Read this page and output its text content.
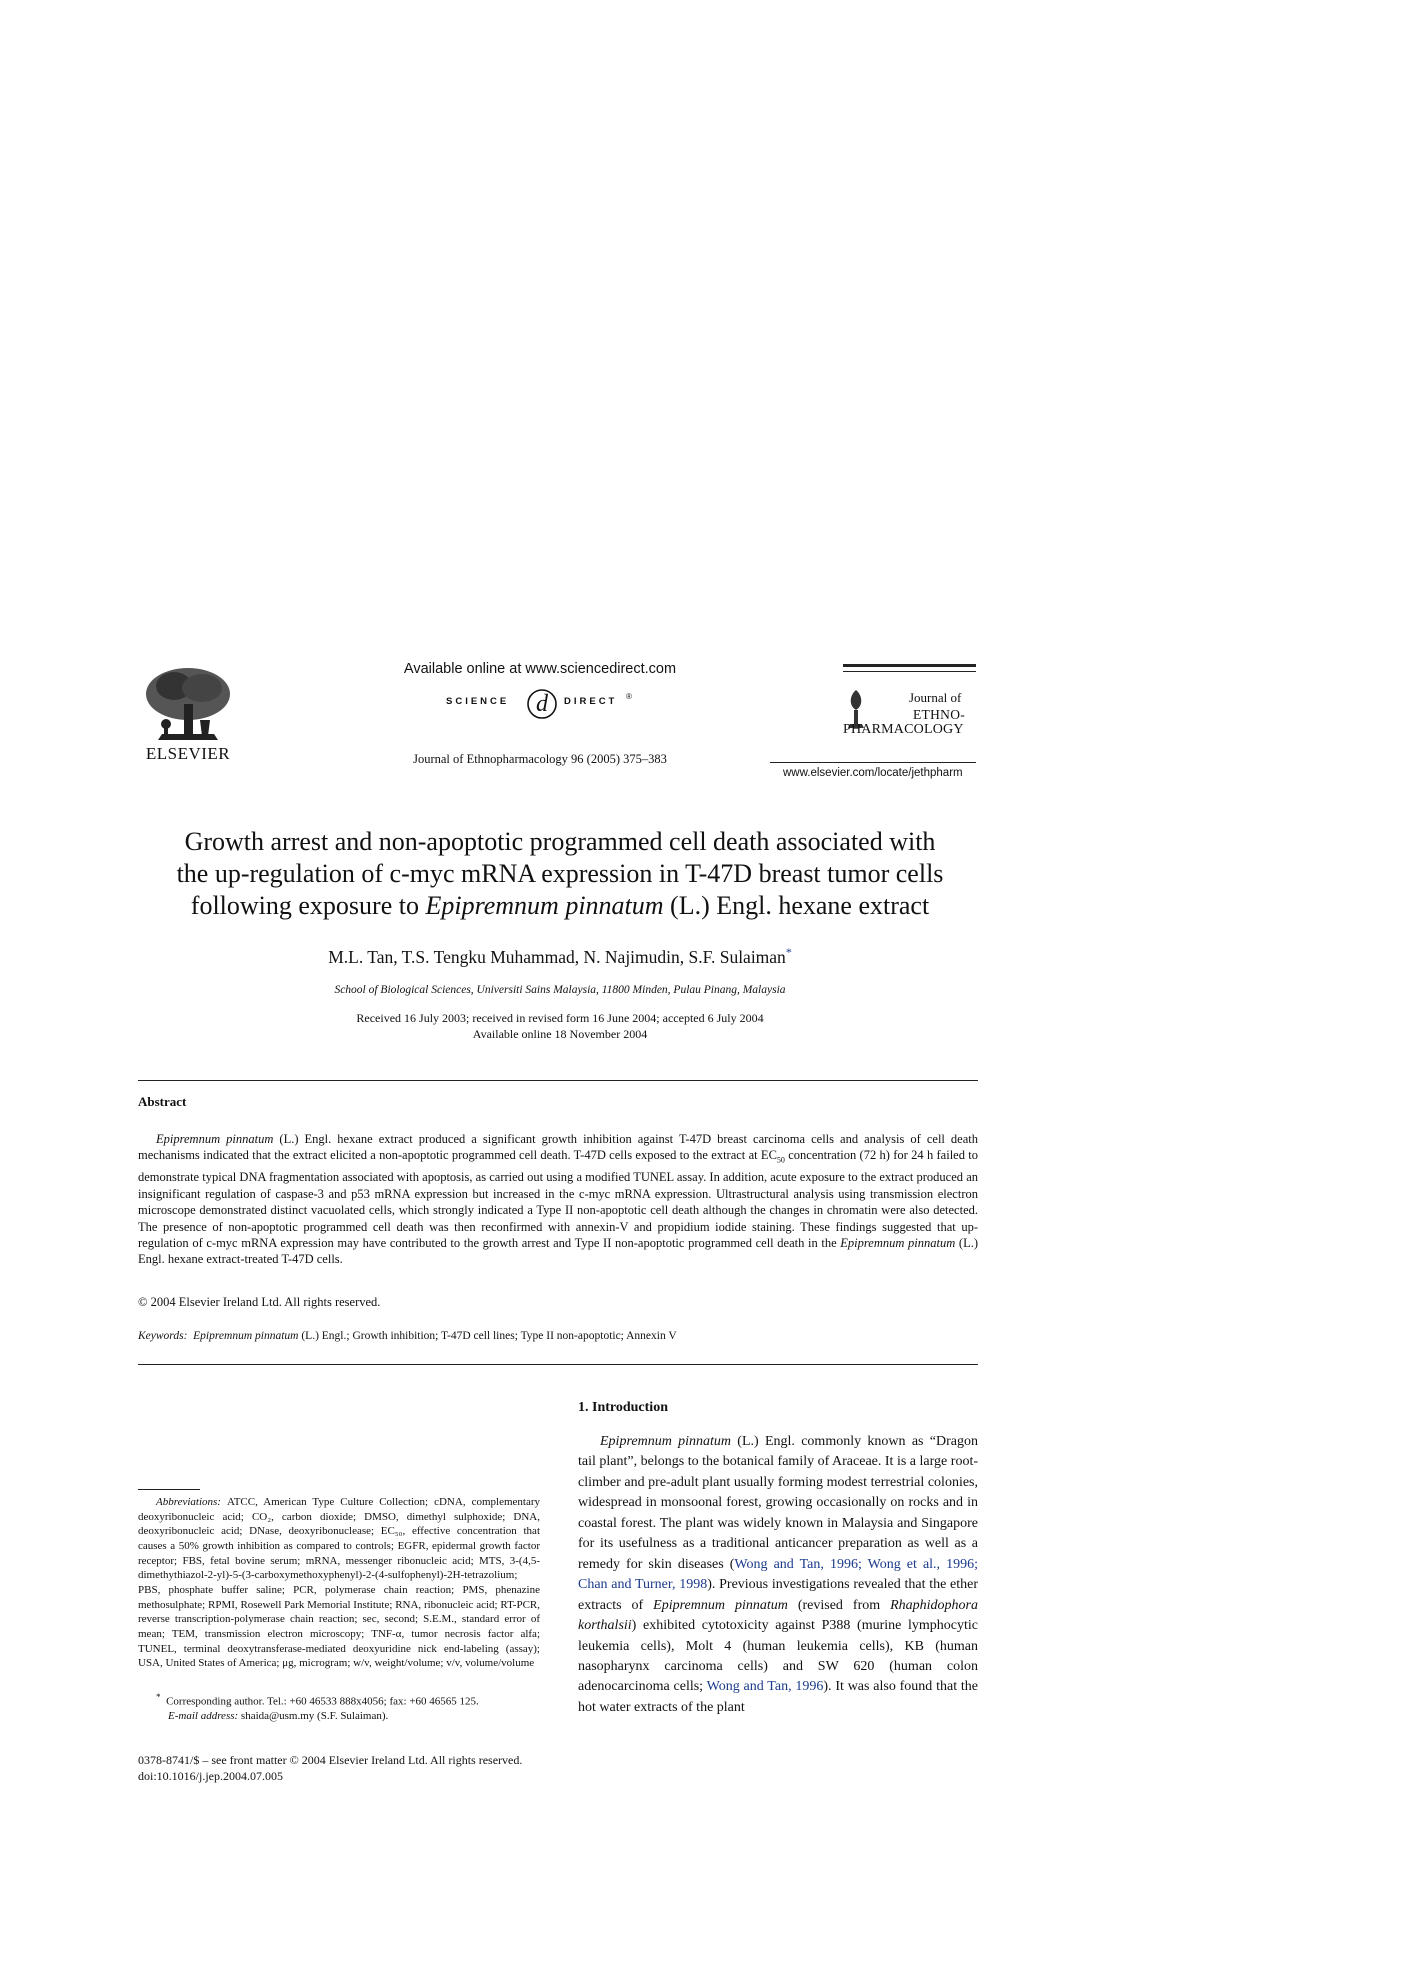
ELSEVIER
Available online at www.sciencedirect.com
SCIENCE d DIRECT ®
Journal of Ethnopharmacology 96 (2005) 375–383
Journal of
ETHNO-
PHARMACOLOGY
www.elsevier.com/locate/jethpharm
Growth arrest and non-apoptotic programmed cell death associated with
the up-regulation of c-myc mRNA expression in T-47D breast tumor cells
following exposure to Epipremnum pinnatum (L.) Engl. hexane extract
M.L. Tan, T.S. Tengku Muhammad, N. Najimudin, S.F. Sulaiman*
School of Biological Sciences, Universiti Sains Malaysia, 11800 Minden, Pulau Pinang, Malaysia
Received 16 July 2003; received in revised form 16 June 2004; accepted 6 July 2004
Available online 18 November 2004
Abstract
Epipremnum pinnatum (L.) Engl. hexane extract produced a significant growth inhibition against T-47D breast carcinoma cells and analysis of cell death mechanisms indicated that the extract elicited a non-apoptotic programmed cell death. T-47D cells exposed to the extract at $EC_{50}$ concentration (72 h) for 24 h failed to demonstrate typical DNA fragmentation associated with apoptosis, as carried out using a modified TUNEL assay. In addition, acute exposure to the extract produced an insignificant regulation of caspase-3 and p53 mRNA expression but increased in the c-myc mRNA expression. Ultrastructural analysis using transmission electron microscope demonstrated distinct vacuolated cells, which strongly indicated a Type II non-apoptotic cell death although the changes in chromatin were also detected. The presence of non-apoptotic programmed cell death was then reconfirmed with annexin-V and propidium iodide staining. These findings suggested that up-regulation of c-myc mRNA expression may have contributed to the growth arrest and Type II non-apoptotic programmed cell death in the Epipremnum pinnatum (L.) Engl. hexane extract-treated T-47D cells.
© 2004 Elsevier Ireland Ltd. All rights reserved.
Keywords: Epipremnum pinnatum (L.) Engl.; Growth inhibition; T-47D cell lines; Type II non-apoptotic; Annexin V
Abbreviations: ATCC, American Type Culture Collection; cDNA, complementary deoxyribonucleic acid; CO₂, carbon dioxide; DMSO, dimethyl sulphoxide; DNA, deoxyribonucleic acid; DNase, deoxyribonuclease; EC₅₀, effective concentration that causes a 50% growth inhibition as compared to controls; EGFR, epidermal growth factor receptor; FBS, fetal bovine serum; mRNA, messenger ribonucleic acid; MTS, 3-(4,5-dimethythiazol-2-yl)-5-(3-carboxymethoxyphenyl)-2-(4-sulfophenyl)-2H-tetrazolium; PBS, phosphate buffer saline; PCR, polymerase chain reaction; PMS, phenazine methosulphate; RPMI, Rosewell Park Memorial Institute; RNA, ribonucleic acid; RT-PCR, reverse transcription-polymerase chain reaction; sec, second; S.E.M., standard error of mean; TEM, transmission electron microscopy; TNF-α, tumor necrosis factor alfa; TUNEL, terminal deoxytransferase-mediated deoxyuridine nick end-labeling (assay); USA, United States of America; μg, microgram; w/v, weight/volume; v/v, volume/volume
* Corresponding author. Tel.: +60 46533 888x4056; fax: +60 46565 125.
E-mail address: shaida@usm.my (S.F. Sulaiman).
0378-8741/$ – see front matter © 2004 Elsevier Ireland Ltd. All rights reserved.
doi:10.1016/j.jep.2004.07.005
1. Introduction
Epipremnum pinnatum (L.) Engl. commonly known as “Dragon tail plant”, belongs to the botanical family of Araceae. It is a large root-climber and pre-adult plant usually forming modest terrestrial colonies, widespread in monsoonal forest, growing occasionally on rocks and in coastal forest. The plant was widely known in Malaysia and Singapore for its usefulness as a traditional anticancer preparation as well as a remedy for skin diseases (Wong and Tan, 1996; Wong et al., 1996; Chan and Turner, 1998). Previous investigations revealed that the ether extracts of Epipremnum pinnatum (revised from Rhaphidophora korthalsii) exhibited cytotoxicity against P388 (murine lymphocytic leukemia cells), Molt 4 (human leukemia cells), KB (human nasopharynx carcinoma cells) and SW 620 (human colon adenocarcinoma cells; Wong and Tan, 1996). It was also found that the hot water extracts of the plant
